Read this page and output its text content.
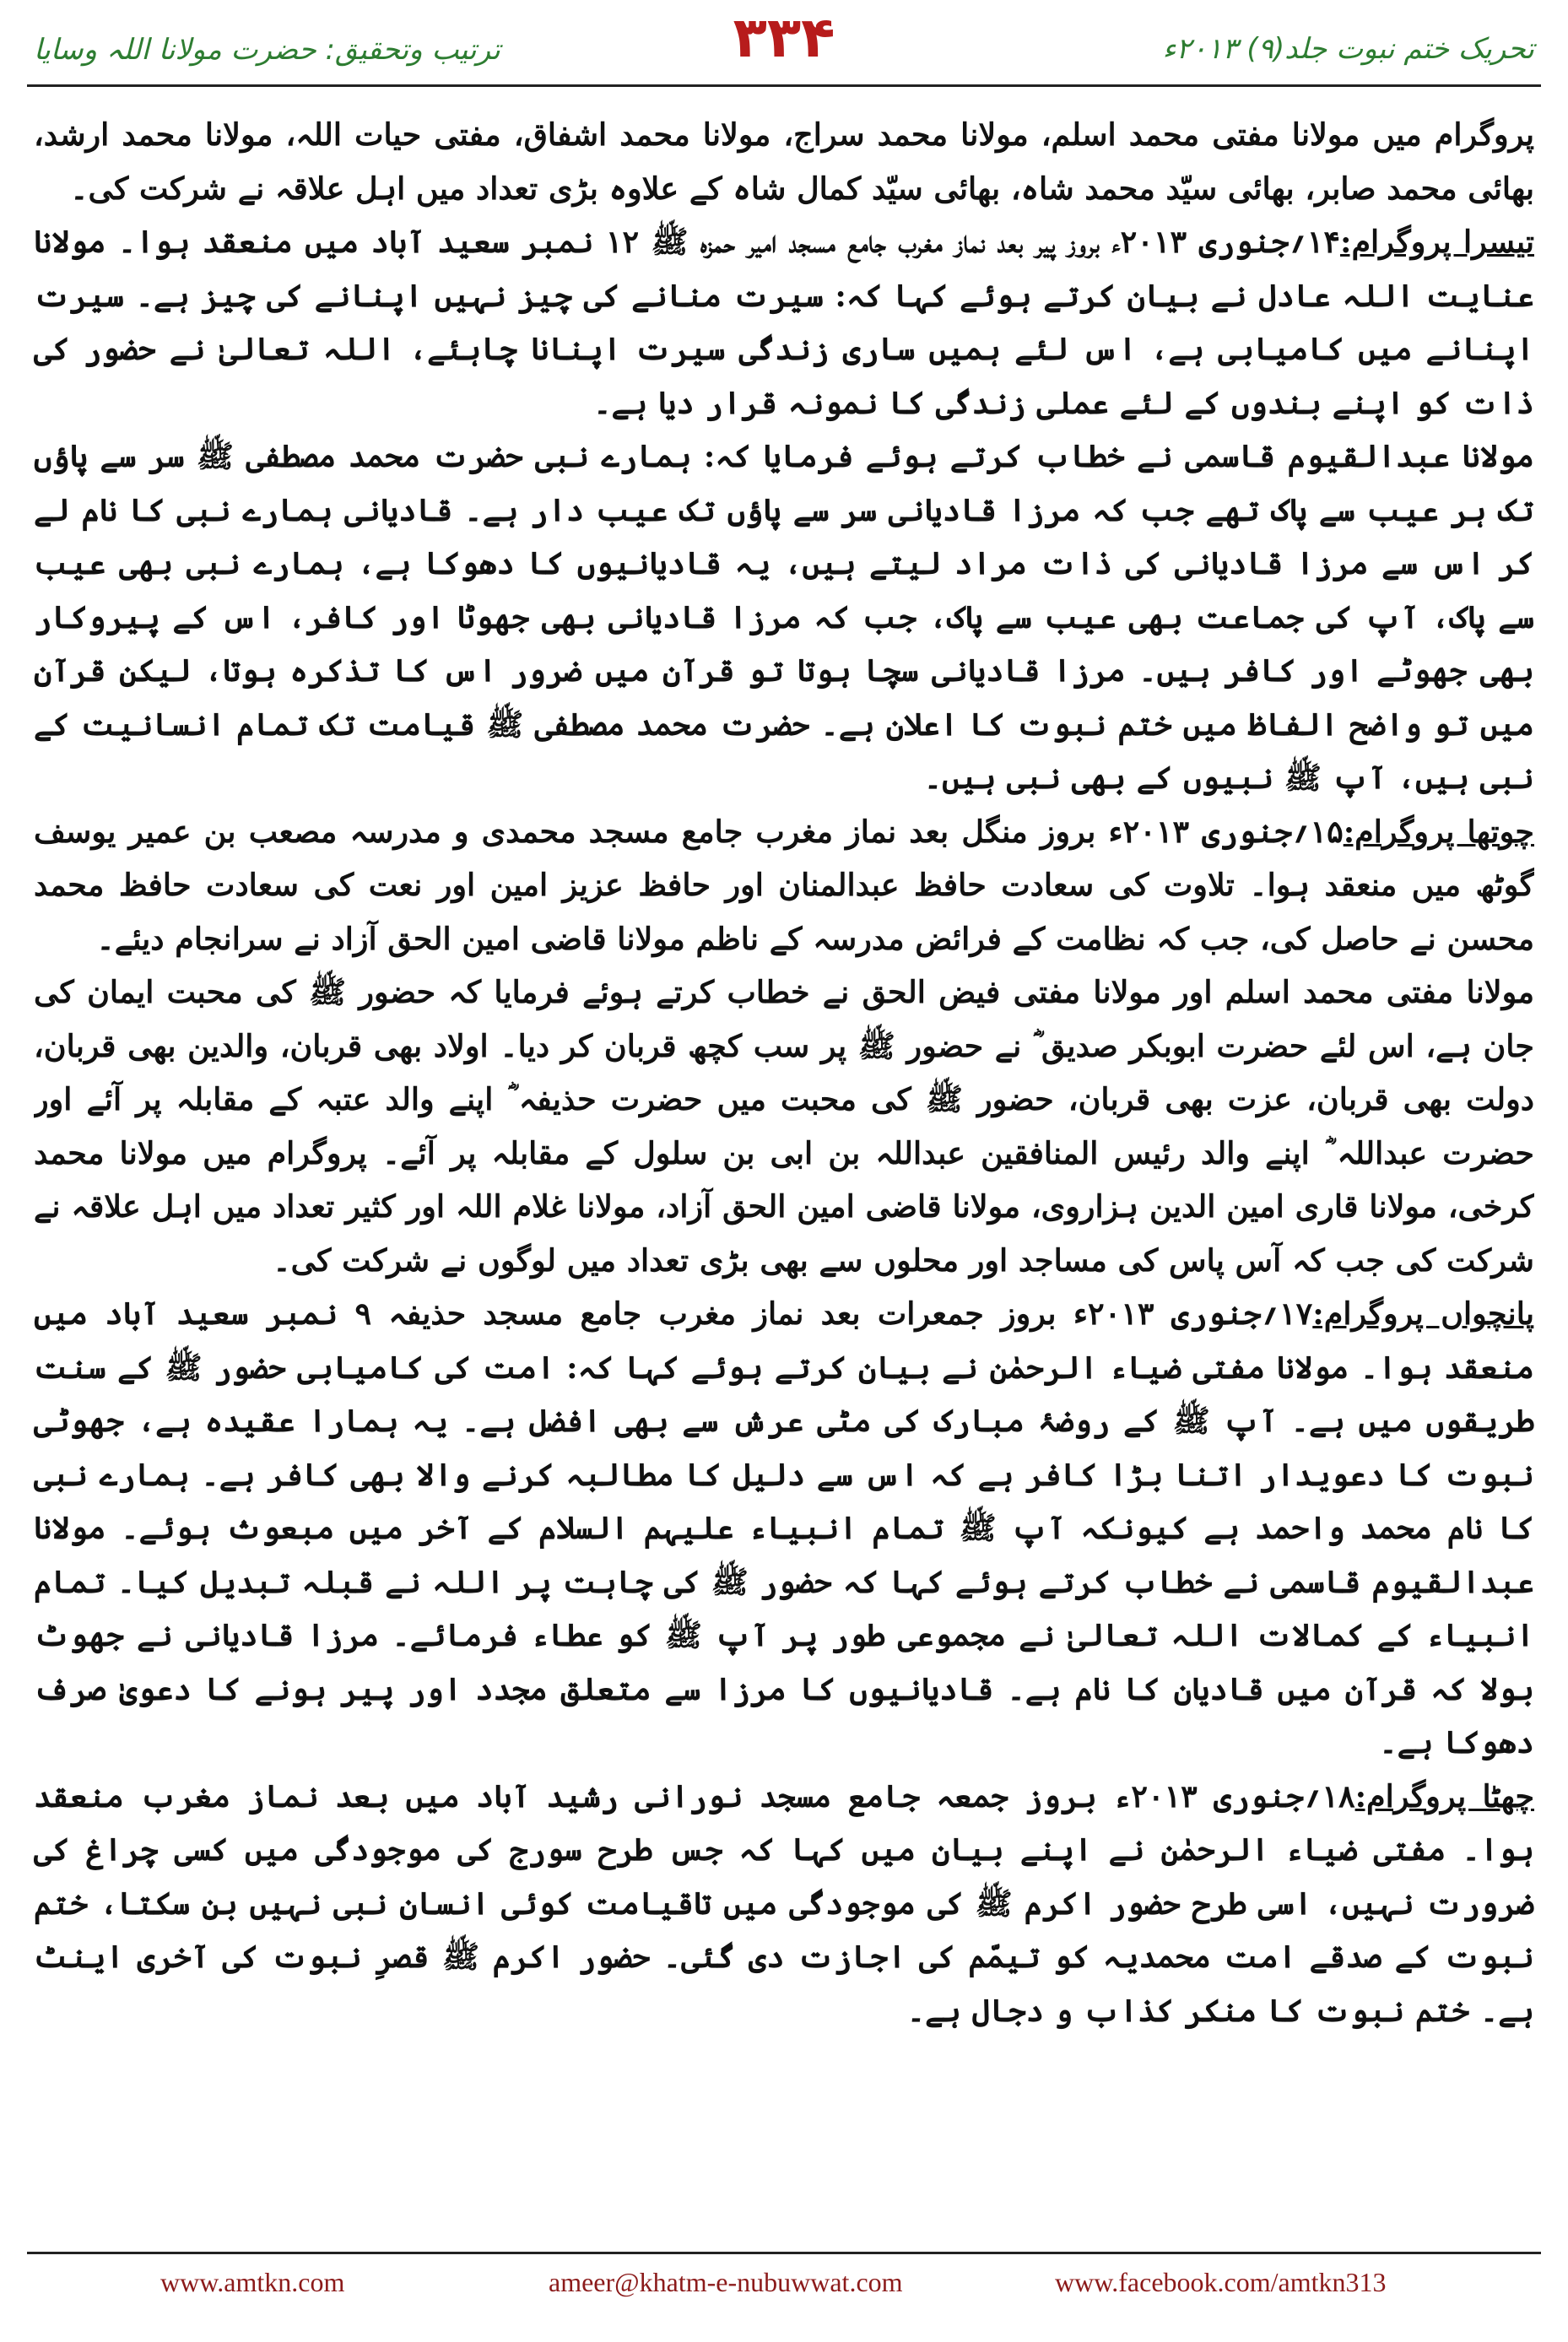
تحریک ختم نبوت جلد(۹) ۲۰۱۳ء
۳۳۴
ترتیب وتحقیق: حضرت مولانا اللہ وسایا

پروگرام میں مولانا مفتی محمد اسلم، مولانا محمد سراج، مولانا محمد اشفاق، مفتی حیات اللہ، مولانا محمد ارشد، بھائی محمد صابر، بھائی سیّد محمد شاہ، بھائی سیّد کمال شاہ کے علاوہ بڑی تعداد میں اہل علاقہ نے شرکت کی۔

تیسرا پروگرام:۱۴؍جنوری ۲۰۱۳ء بروز پیر بعد نماز مغرب جامع مسجد امیر حمزہ ﷺ ۱۲ نمبر سعید آباد میں منعقد ہوا۔ مولانا عنایت اللہ عادل نے بیان کرتے ہوئے کہا کہ: سیرت منانے کی چیز نہیں اپنانے کی چیز ہے۔ سیرت اپنانے میں کامیابی ہے، اس لئے ہمیں ساری زندگی سیرت اپنانا چاہئے، اللہ تعالیٰ نے حضور کی ذات کو اپنے بندوں کے لئے عملی زندگی کا نمونہ قرار دیا ہے۔

مولانا عبدالقیوم قاسمی نے خطاب کرتے ہوئے فرمایا کہ: ہمارے نبی حضرت محمد مصطفی ﷺ سر سے پاؤں تک ہر عیب سے پاک تھے جب کہ مرزا قادیانی سر سے پاؤں تک عیب دار ہے۔ قادیانی ہمارے نبی کا نام لے کر اس سے مرزا قادیانی کی ذات مراد لیتے ہیں، یہ قادیانیوں کا دھوکا ہے، ہمارے نبی بھی عیب سے پاک، آپ کی جماعت بھی عیب سے پاک، جب کہ مرزا قادیانی بھی جھوٹا اور کافر، اس کے پیروکار بھی جھوٹے اور کافر ہیں۔ مرزا قادیانی سچا ہوتا تو قرآن میں ضرور اس کا تذکرہ ہوتا، لیکن قرآن میں تو واضح الفاظ میں ختم نبوت کا اعلان ہے۔ حضرت محمد مصطفی ﷺ قیامت تک تمام انسانیت کے نبی ہیں، آپ ﷺ نبیوں کے بھی نبی ہیں۔

چوتھا پروگرام:۱۵؍جنوری ۲۰۱۳ء بروز منگل بعد نماز مغرب جامع مسجد محمدی و مدرسہ مصعب بن عمیر یوسف گوٹھ میں منعقد ہوا۔ تلاوت کی سعادت حافظ عبدالمنان اور حافظ عزیز امین اور نعت کی سعادت حافظ محمد محسن نے حاصل کی، جب کہ نظامت کے فرائض مدرسہ کے ناظم مولانا قاضی امین الحق آزاد نے سرانجام دیئے۔

مولانا مفتی محمد اسلم اور مولانا مفتی فیض الحق نے خطاب کرتے ہوئے فرمایا کہ حضور ﷺ کی محبت ایمان کی جان ہے، اس لئے حضرت ابوبکر صدیق ؓ نے حضور ﷺ پر سب کچھ قربان کر دیا۔ اولاد بھی قربان، والدین بھی قربان، دولت بھی قربان، عزت بھی قربان، حضور ﷺ کی محبت میں حضرت حذیفہ ؓ اپنے والد عتبہ کے مقابلہ پر آئے اور حضرت عبداللہ ؓ اپنے والد رئیس المنافقین عبداللہ بن ابی بن سلول کے مقابلہ پر آئے۔ پروگرام میں مولانا محمد کرخی، مولانا قاری امین الدین ہزاروی، مولانا قاضی امین الحق آزاد، مولانا غلام اللہ اور کثیر تعداد میں اہل علاقہ نے شرکت کی جب کہ آس پاس کی مساجد اور محلوں سے بھی بڑی تعداد میں لوگوں نے شرکت کی۔

پانچواں پروگرام:۱۷؍جنوری ۲۰۱۳ء بروز جمعرات بعد نماز مغرب جامع مسجد حذیفہ ۹ نمبر سعید آباد میں منعقد ہوا۔ مولانا مفتی ضیاء الرحمٰن نے بیان کرتے ہوئے کہا کہ: امت کی کامیابی حضور ﷺ کے سنت طریقوں میں ہے۔ آپ ﷺ کے روضۂ مبارک کی مٹی عرش سے بھی افضل ہے۔ یہ ہمارا عقیدہ ہے، جھوٹی نبوت کا دعویدار اتنا بڑا کافر ہے کہ اس سے دلیل کا مطالبہ کرنے والا بھی کافر ہے۔ ہمارے نبی کا نام محمد واحمد ہے کیونکہ آپ ﷺ تمام انبیاء علیہم السلام کے آخر میں مبعوث ہوئے۔ مولانا عبدالقیوم قاسمی نے خطاب کرتے ہوئے کہا کہ حضور ﷺ کی چاہت پر اللہ نے قبلہ تبدیل کیا۔ تمام انبیاء کے کمالات اللہ تعالیٰ نے مجموعی طور پر آپ ﷺ کو عطاء فرمائے۔ مرزا قادیانی نے جھوٹ بولا کہ قرآن میں قادیان کا نام ہے۔ قادیانیوں کا مرزا سے متعلق مجدد اور پیر ہونے کا دعویٰ صرف دھوکا ہے۔

چھٹا پروگرام:۱۸؍جنوری ۲۰۱۳ء بروز جمعہ جامع مسجد نورانی رشید آباد میں بعد نماز مغرب منعقد ہوا۔ مفتی ضیاء الرحمٰن نے اپنے بیان میں کہا کہ جس طرح سورج کی موجودگی میں کسی چراغ کی ضرورت نہیں، اسی طرح حضور اکرم ﷺ کی موجودگی میں تاقیامت کوئی انسان نبی نہیں بن سکتا، ختم نبوت کے صدقے امت محمدیہ کو تیمّم کی اجازت دی گئی۔ حضور اکرم ﷺ قصرِ نبوت کی آخری اینٹ ہے۔ ختم نبوت کا منکر کذاب و دجال ہے۔

www.amtkn.com	ameer@khatm-e-nubuwwat.com	www.facebook.com/amtkn313
